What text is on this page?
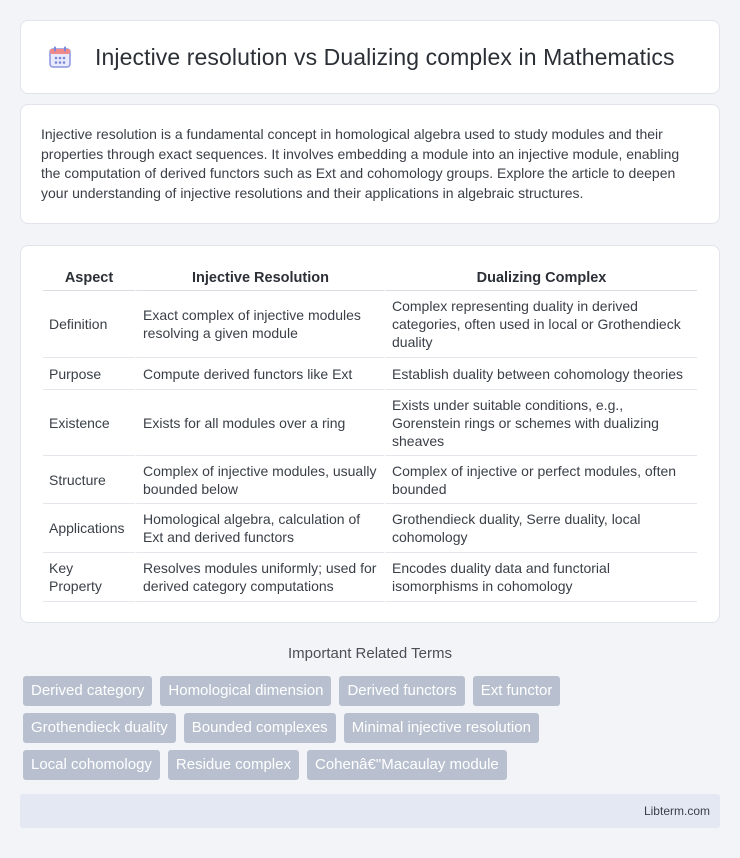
Injective resolution vs Dualizing complex in Mathematics

Injective resolution is a fundamental concept in homological algebra used to study modules and their properties through exact sequences. It involves embedding a module into an injective module, enabling the computation of derived functors such as Ext and cohomology groups. Explore the article to deepen your understanding of injective resolutions and their applications in algebraic structures.

Aspect	Injective Resolution	Dualizing Complex
Definition	Exact complex of injective modules resolving a given module	Complex representing duality in derived categories, often used in local or Grothendieck duality
Purpose	Compute derived functors like Ext	Establish duality between cohomology theories
Existence	Exists for all modules over a ring	Exists under suitable conditions, e.g., Gorenstein rings or schemes with dualizing sheaves
Structure	Complex of injective modules, usually bounded below	Complex of injective or perfect modules, often bounded
Applications	Homological algebra, calculation of Ext and derived functors	Grothendieck duality, Serre duality, local cohomology
Key Property	Resolves modules uniformly; used for derived category computations	Encodes duality data and functorial isomorphisms in cohomology
Important Related Terms
Derived category	Homological dimension	Derived functors	Ext functor
Grothendieck duality	Bounded complexes	Minimal injective resolution
Local cohomology	Residue complex	Cohenâ€"Macaulay module
Libterm.com
